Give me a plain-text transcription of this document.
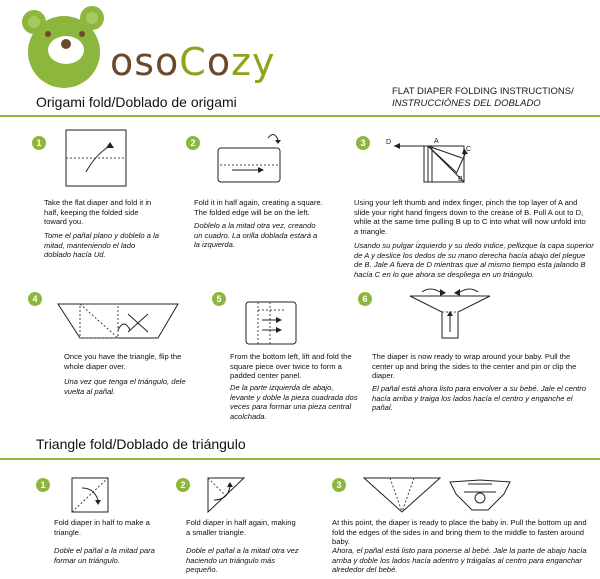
osoCozy
Origami fold/Doblado de origami
FLAT DIAPER FOLDING INSTRUCTIONS/
INSTRUCCIÓNES DEL DOBLADO
1
Take the flat diaper and fold it in half, keeping the folded side toward you.
Tome el pañal plano y doblelo a la mitad, manteniendo el lado doblado hacía Ud.
2
Fold it in half again, creating a square. The folded edge will be on the left.
Doblelo a la mitad otra vez, creando un cuadro. La orilla doblada estará a la izquierda.
3	D	A
C
B
Using your left thumb and index finger, pinch the top layer of A and slide your right hand fingers down to the crease of B. Pull A out to D, while at the same time pulling B up to C into what will now unfold into a triangle.
Usando su pulgar izquierdo y su dedo indice, pellizque la capa superior de A y deslice los dedos de su mano derecha hacía abajo del plegue de B. Jale A fuera de D mientras que al mismo tiempo esta jalando B hacía C en lo que ahora se despliega en un triángulo.
4
Once you have the triangle, flip the whole diaper over.
Una vez que tenga el triángulo, dele vuelta al pañal.
5
From the bottom left, lift and fold the square piece over twice to form a padded center panel.
De la parte izquierda de abajo, levante y doble la pieza cuadrada dos veces para formar una pieza central acolchada.
6
The diaper is now ready to wrap around your baby. Pull the center up and bring the sides to the center and pin or clip the diaper.
El pañal está ahora listo para envolver a su bebé. Jale el centro hacía arriba y traiga los lados hacía el centro y enganche el pañal.
Triangle fold/Doblado de triángulo
1
Fold diaper in half to make a triangle.
Doble el pañal a la mitad para formar un triángulo.
2
Fold diaper in half again, making a smaller triangle.
Doble el pañal a la mitad otra vez haciendo un triángulo más pequeño.
3
At this point, the diaper is ready to place the baby in. Pull the bottom up and fold the edges of the sides in and bring them to the middle to fasten around baby.
Ahora, el pañal está listo para ponerse al bebé. Jale la parte de abajo hacía arriba y doble los lados hacía adentro y tráigalas al centro para enganchar alrededor del bebé.
